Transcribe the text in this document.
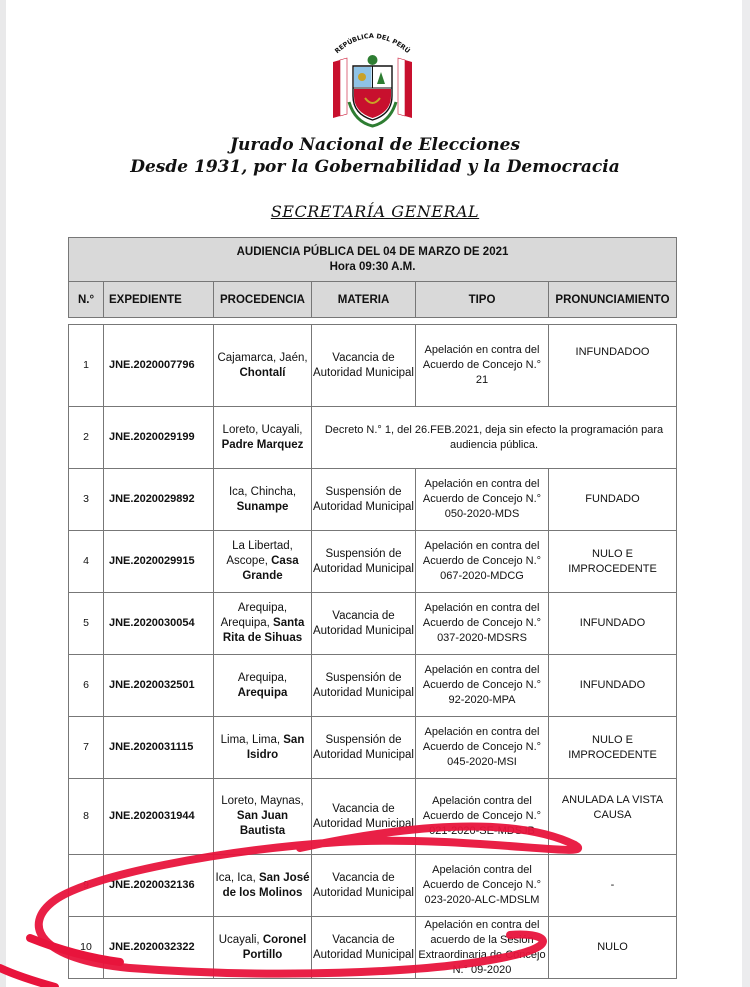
REPÚBLICA DEL PERÚ
Jurado Nacional de Elecciones
Desde 1931, por la Gobernabilidad y la Democracia
SECRETARÍA GENERAL
AUDIENCIA PÚBLICA DEL 04 DE MARZO DE 2021
Hora 09:30 A.M.

N.°	EXPEDIENTE	PROCEDENCIA	MATERIA	TIPO	PRONUNCIAMIENTO
1	JNE.2020007796	Cajamarca, Jaén, Chontalí	Vacancia de Autoridad Municipal	Apelación en contra del Acuerdo de Concejo N.° 21	INFUNDADOO
2	JNE.2020029199	Loreto, Ucayali, Padre Marquez	Decreto N.° 1, del 26.FEB.2021, deja sin efecto la programación para audiencia pública.		
3	JNE.2020029892	Ica, Chincha, Sunampe	Suspensión de Autoridad Municipal	Apelación en contra del Acuerdo de Concejo N.° 050-2020-MDS	FUNDADO
4	JNE.2020029915	La Libertad, Ascope, Casa Grande	Suspensión de Autoridad Municipal	Apelación en contra del Acuerdo de Concejo N.° 067-2020-MDCG	NULO E IMPROCEDENTE
5	JNE.2020030054	Arequipa, Arequipa, Santa Rita de Sihuas	Vacancia de Autoridad Municipal	Apelación en contra del Acuerdo de Concejo N.° 037-2020-MDSRS	INFUNDADO
6	JNE.2020032501	Arequipa, Arequipa	Suspensión de Autoridad Municipal	Apelación en contra del Acuerdo de Concejo N.° 92-2020-MPA	INFUNDADO
7	JNE.2020031115	Lima, Lima, San Isidro	Suspensión de Autoridad Municipal	Apelación en contra del Acuerdo de Concejo N.° 045-2020-MSI	NULO E IMPROCEDENTE
8	JNE.2020031944	Loreto, Maynas, San Juan Bautista	Vacancia de Autoridad Municipal	Apelación contra del Acuerdo de Concejo N.° 021-2020-SE-MDSJB	ANULADA LA VISTA CAUSA
9	JNE.2020032136	Ica, Ica, San José de los Molinos	Vacancia de Autoridad Municipal	Apelación contra del Acuerdo de Concejo N.° 023-2020-ALC-MDSLM	-
10	JNE.2020032322	Ucayali, Coronel Portillo	Vacancia de Autoridad Municipal	Apelación en contra del acuerdo de la Sesión Extraordinaria de Concejo N.° 09-2020	NULO
